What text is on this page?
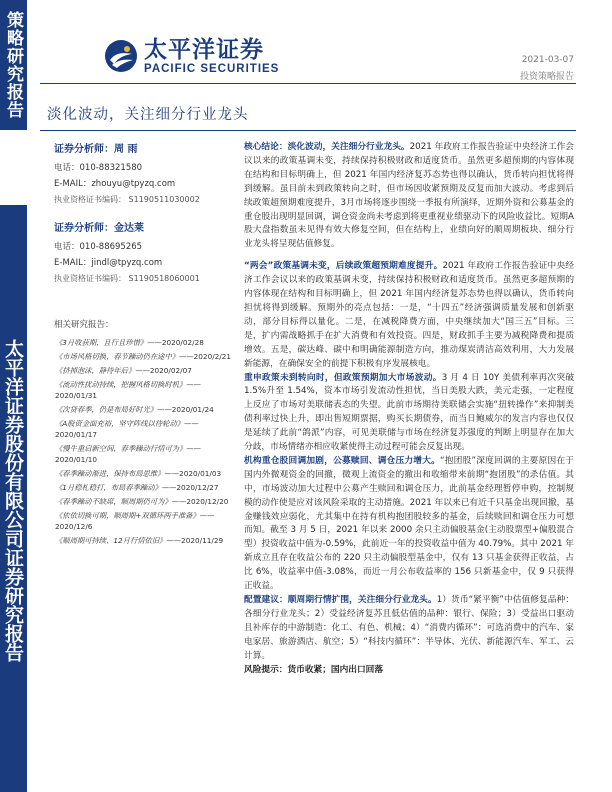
策略研究报告
太平洋证券股份有限公司证券研究报告
太平洋证券
PACIFIC SECURITIES
2021-03-07
投资策略报告
淡化波动，关注细分行业龙头
证券分析师：周 雨
电话：010-88321580
E-MAIL：zhouyu@tpyzq.com
执业资格证书编码： S1190511030002
证券分析师：金达莱
电话：010-88695265
E-MAIL：jindl@tpyzq.com
执业资格证书编码： S1190518060001
相关研究报告：
《3月收获期，且行且珍惜》——2020/02/28
《市场风格切换，春节躁动仍在途中》——2020/2/21
《挤掉泡沫，静待年后》——2020/02/07
《流动性扰动持续，把握风格切换时机》——2020/01/31
《次贷春季，仍是布局好时光》——2020/01/24
《A股资金面充裕，坚守阵线以待轮动》——2020/01/17
《慢牛重启新空间，春季躁动行情可为》——2020/01/10
《春季躁动渐进，保持布局思维》——2020/01/03
《1月稳札稳打，布局春季躁动》——2020/12/27
《春季躁动不缺席，顺周期仍可为》——2020/12/20
《依依切换可期，顺周期+双循环两手准备》——2020/12/6
《顺周期可持续、12月行情依旧》——2020/11/29

核心结论：淡化波动，关注细分行业龙头。2021 年政府工作报告验证中央经济工作会议以来的政策基调未变，持续保持积极财政和适度货币。虽然更多超预期的内容体现在结构和目标明确上，但 2021 年国内经济复苏态势也得以确认，货币转向担忧将得到缓解。虽目前未到政策转向之时，但市场因收紧预期及反复而加大波动。考虑到后续政策超预期难度提升，3月市场将逐步围绕一季报有所演绎，近期外资和公募基金的重仓股出现明显回调，调仓资金尚未考虑到将更重视业绩驱动下的风险收益比。短期A股大盘指数虽未见得有效大修复空间，但在结构上，业绩向好的顺周期板块、细分行业龙头将呈现估值修复。

“两会”政策基调未变，后续政策超预期难度提升。2021 年政府工作报告验证中央经济工作会议以来的政策基调未变，持续保持积极财政和适度货币。虽然更多超预期的内容体现在结构和目标明确上，但 2021 年国内经济复苏态势也得以确认，货币转向担忧将得到缓解。预期外的亮点包括：一是，“十四五”经济强调质量发展和创新驱动，部分目标得以量化。二是，在减税降费方面，中央继续加大“国三五”目标。三是，扩内需战略抓手在扩大消费和有效投资。四是，财政抓手主要为减税降费和提质增效。五是，碳达峰、碳中和明确能源制造方向，推动煤炭清洁高效利用，大力发展新能源，在确保安全的前提下积极有序发展核电。

重申政策未到转向时，但政策预期加大市场波动。3 月 4 日 10Y 美债利率再次突破 1.5%升至 1.54%，资本市场引发流动性担忧，当日美股大跌，美元走强，一定程度上反应了市场对美联储表态的失望。此前市场期待美联储会实施“扭转操作”来抑制美债利率过快上升，即出售短期票据，购买长期债券，而当日鲍威尔的发言内容也仅仅是延续了此前“鸽派”内容，可见美联储与市场在经济复苏强度的判断上明显存在加大分歧，市场情绪亦相应收紧使得主动过程可能会反复出现。

机构重仓股回调加剧，公募赎回、调仓压力增大。“抱团股”深度回调的主要原因在于国内外微观资金的回撤，微观上流资金的撤出和收缩带来前期“抱团股”的杀估值。其中，市场波动加大过程中公募产生赎回和调仓压力，此前基金经理暂停申购，控制规模的动作使是应对该风险采取的主动措施。2021 年以来已有近千只基金出现回撤，基金赚钱效应弱化，尤其集中在持有机构抱团股较多的基金，后续赎回和调仓压力可想而知。截至 3 月 5 日，2021 年以来 2000 余只主动偏股基金(主动股票型+偏股混合型）投资收益中值为-0.59%，此前近一年的投资收益中值为 40.79%。其中 2021 年新成立且存在收益公布的 220 只主动偏股型基金中，仅有 13 只基金获得正收益，占比 6%，收益率中值-3.08%，而近一月公布收益率的 156 只新基金中，仅 9 只获得正收益。

配置建议：顺周期行情扩围，关注细分行业龙头。1）货币“紧平衡”中估值修复品种：各细分行业龙头；2）受益经济复苏且低估值的品种：银行、保险；3）受益出口驱动且补库存的中游制造：化工、有色、机械；4）“消费内循环”：可选消费中的汽车、家电家居、旅游酒店、航空；5）“科技内循环”：半导体、光伏、新能源汽车、军工、云计算。

风险提示：货币收紧；国内出口回落
